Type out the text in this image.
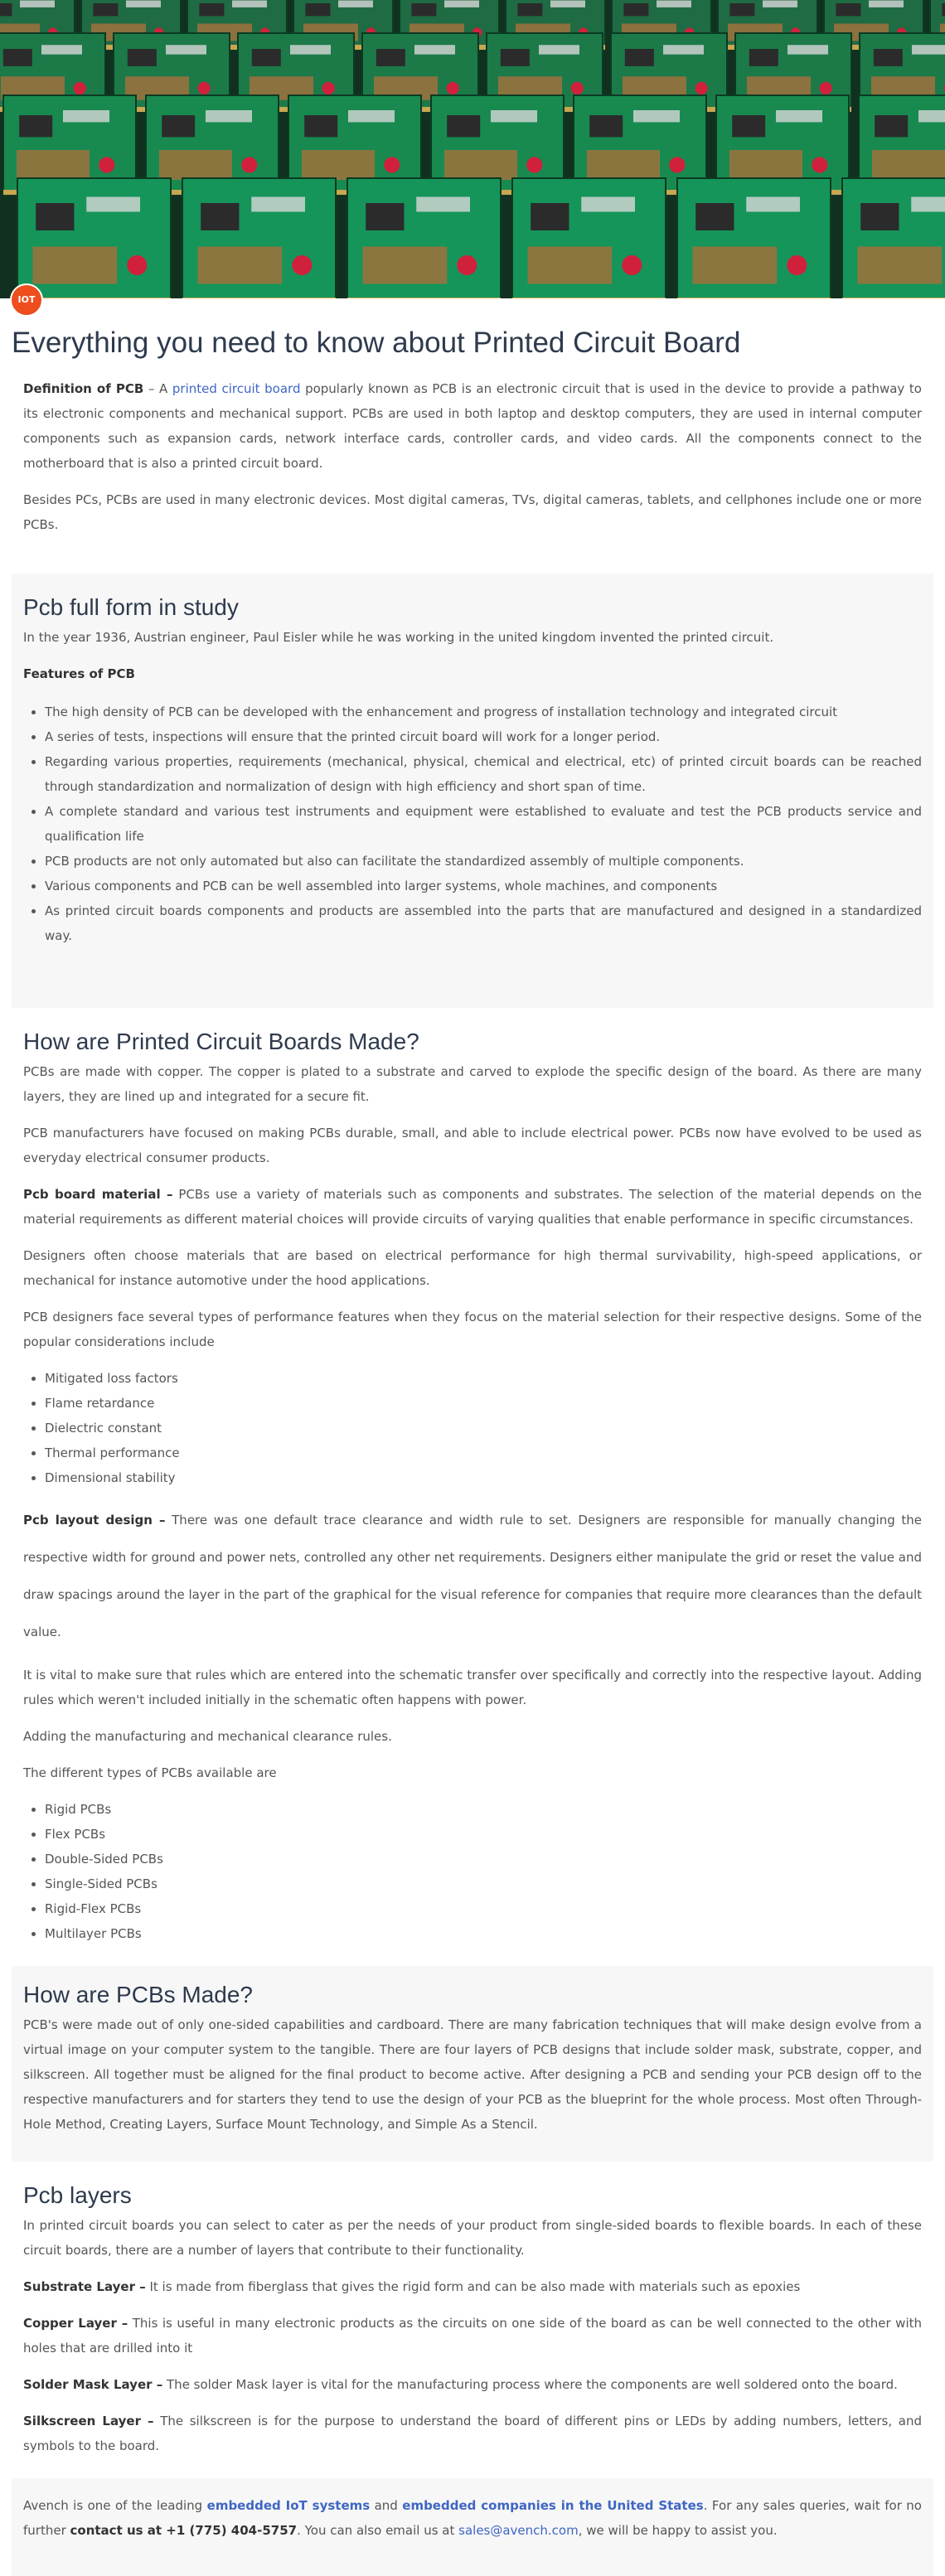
IOT
Everything you need to know about Printed Circuit Board

Definition of PCB – A printed circuit board popularly known as PCB is an electronic circuit that is used in the device to provide a pathway to its electronic components and mechanical support. PCBs are used in both laptop and desktop computers, they are used in internal computer components such as expansion cards, network interface cards, controller cards, and video cards. All the components connect to the motherboard that is also a printed circuit board.

Besides PCs, PCBs are used in many electronic devices. Most digital cameras, TVs, digital cameras, tablets, and cellphones include one or more PCBs.

Pcb full form in study

In the year 1936, Austrian engineer, Paul Eisler while he was working in the united kingdom invented the printed circuit.

Features of PCB

• The high density of PCB can be developed with the enhancement and progress of installation technology and integrated circuit
• A series of tests, inspections will ensure that the printed circuit board will work for a longer period.
• Regarding various properties, requirements (mechanical, physical, chemical and electrical, etc) of printed circuit boards can be reached through standardization and normalization of design with high efficiency and short span of time.
• A complete standard and various test instruments and equipment were established to evaluate and test the PCB products service and qualification life
• PCB products are not only automated but also can facilitate the standardized assembly of multiple components.
• Various components and PCB can be well assembled into larger systems, whole machines, and components
• As printed circuit boards components and products are assembled into the parts that are manufactured and designed in a standardized way.
How are Printed Circuit Boards Made?

PCBs are made with copper. The copper is plated to a substrate and carved to explode the specific design of the board. As there are many layers, they are lined up and integrated for a secure fit.

PCB manufacturers have focused on making PCBs durable, small, and able to include electrical power. PCBs now have evolved to be used as everyday electrical consumer products.

Pcb board material – PCBs use a variety of materials such as components and substrates. The selection of the material depends on the material requirements as different material choices will provide circuits of varying qualities that enable performance in specific circumstances.

Designers often choose materials that are based on electrical performance for high thermal survivability, high-speed applications, or mechanical for instance automotive under the hood applications.

PCB designers face several types of performance features when they focus on the material selection for their respective designs. Some of the popular considerations include

• Mitigated loss factors
• Flame retardance
• Dielectric constant
• Thermal performance
• Dimensional stability

Pcb layout design – There was one default trace clearance and width rule to set. Designers are responsible for manually changing the respective width for ground and power nets, controlled any other net requirements. Designers either manipulate the grid or reset the value and draw spacings around the layer in the part of the graphical for the visual reference for companies that require more clearances than the default value.

It is vital to make sure that rules which are entered into the schematic transfer over specifically and correctly into the respective layout. Adding rules which weren't included initially in the schematic often happens with power.

Adding the manufacturing and mechanical clearance rules.

The different types of PCBs available are

• Rigid PCBs
• Flex PCBs
• Double-Sided PCBs
• Single-Sided PCBs
• Rigid-Flex PCBs
• Multilayer PCBs
How are PCBs Made?

PCB's were made out of only one-sided capabilities and cardboard. There are many fabrication techniques that will make design evolve from a virtual image on your computer system to the tangible. There are four layers of PCB designs that include solder mask, substrate, copper, and silkscreen. All together must be aligned for the final product to become active. After designing a PCB and sending your PCB design off to the respective manufacturers and for starters they tend to use the design of your PCB as the blueprint for the whole process. Most often Through-Hole Method, Creating Layers, Surface Mount Technology, and Simple As a Stencil.

Pcb layers

In printed circuit boards you can select to cater as per the needs of your product from single-sided boards to flexible boards. In each of these circuit boards, there are a number of layers that contribute to their functionality.

Substrate Layer – It is made from fiberglass that gives the rigid form and can be also made with materials such as epoxies

Copper Layer – This is useful in many electronic products as the circuits on one side of the board as can be well connected to the other with holes that are drilled into it

Solder Mask Layer – The solder Mask layer is vital for the manufacturing process where the components are well soldered onto the board.

Silkscreen Layer – The silkscreen is for the purpose to understand the board of different pins or LEDs by adding numbers, letters, and symbols to the board.

Avench is one of the leading embedded IoT systems and embedded companies in the United States. For any sales queries, wait for no further contact us at +1 (775) 404-5757. You can also email us at sales@avench.com, we will be happy to assist you.
